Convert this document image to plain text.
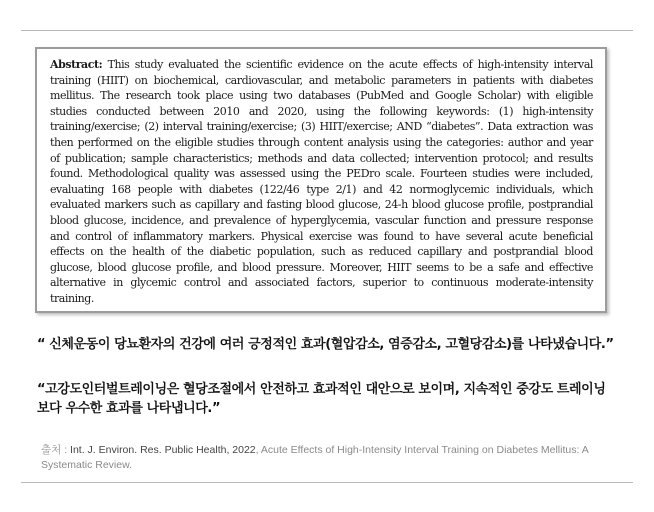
Abstract: This study evaluated the scientific evidence on the acute effects of high-intensity interval training (HIIT) on biochemical, cardiovascular, and metabolic parameters in patients with diabetes mellitus. The research took place using two databases (PubMed and Google Scholar) with eligible studies conducted between 2010 and 2020, using the following keywords: (1) high-intensity training/exercise; (2) interval training/exercise; (3) HIIT/exercise; AND “diabetes”. Data extraction was then performed on the eligible studies through content analysis using the categories: author and year of publication; sample characteristics; methods and data collected; intervention protocol; and results found. Methodological quality was assessed using the PEDro scale. Fourteen studies were included, evaluating 168 people with diabetes (122/46 type 2/1) and 42 normoglycemic individuals, which evaluated markers such as capillary and fasting blood glucose, 24-h blood glucose profile, postprandial blood glucose, incidence, and prevalence of hyperglycemia, vascular function and pressure response and control of inflammatory markers. Physical exercise was found to have several acute beneficial effects on the health of the diabetic population, such as reduced capillary and postprandial blood glucose, blood glucose profile, and blood pressure. Moreover, HIIT seems to be a safe and effective alternative in glycemic control and associated factors, superior to continuous moderate-intensity training.
“ 신체운동이 당뇨환자의 건강에 여러 긍정적인 효과(혈압감소, 염증감소, 고혈당감소)를 나타냈습니다.”
“고강도인터벌트레이닝은 혈당조절에서 안전하고 효과적인 대안으로 보이며, 지속적인 중강도 트레이닝보다 우수한 효과를 나타냅니다.”
출처 : Int. J. Environ. Res. Public Health, 2022, Acute Effects of High-Intensity Interval Training on Diabetes Mellitus: A Systematic Review.
